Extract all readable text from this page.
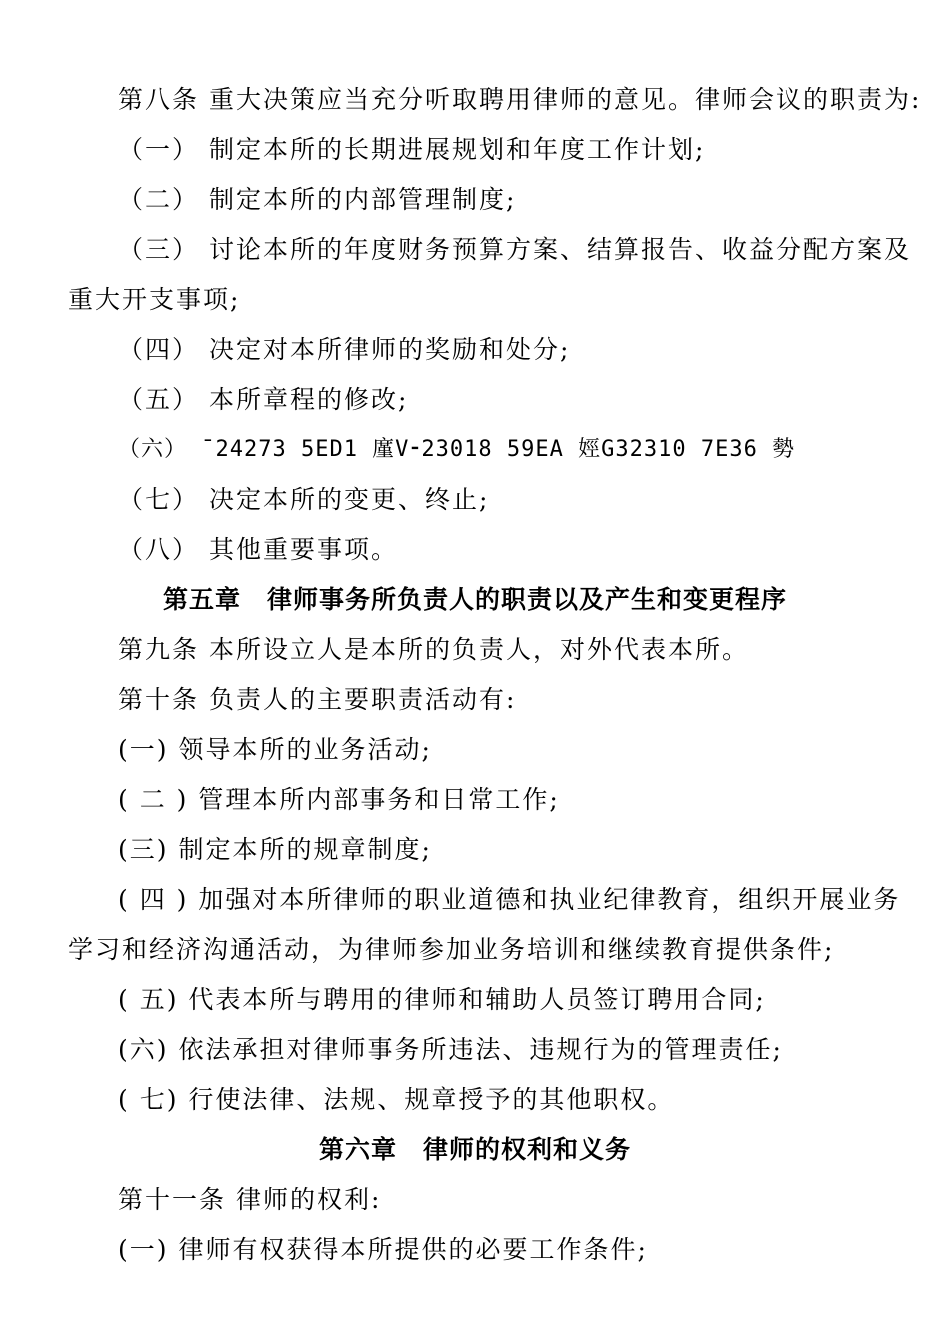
第八条 重大决策应当充分听取聘用律师的意见。律师会议的职责为:
（一） 制定本所的长期进展规划和年度工作计划;
（二） 制定本所的内部管理制度;
（三） 讨论本所的年度财务预算方案、结算报告、收益分配方案及
重大开支事项;
（四） 决定对本所律师的奖励和处分;
（五） 本所章程的修改;
（六） ¯24273 5ED1 廑V⁃23018 59EA 娙G32310 7E36 勢
（七） 决定本所的变更、终止;
（八） 其他重要事项。
第五章　律师事务所负责人的职责以及产生和变更程序
第九条 本所设立人是本所的负责人，对外代表本所。
第十条 负责人的主要职责活动有:
(一) 领导本所的业务活动;
( 二 ) 管理本所内部事务和日常工作;
(三) 制定本所的规章制度;
( 四 ) 加强对本所律师的职业道德和执业纪律教育，组织开展业务
学习和经济沟通活动，为律师参加业务培训和继续教育提供条件;
( 五) 代表本所与聘用的律师和辅助人员签订聘用合同;
(六) 依法承担对律师事务所违法、违规行为的管理责任;
( 七) 行使法律、法规、规章授予的其他职权。
第六章　律师的权利和义务
第十一条 律师的权利:
(一) 律师有权获得本所提供的必要工作条件;
